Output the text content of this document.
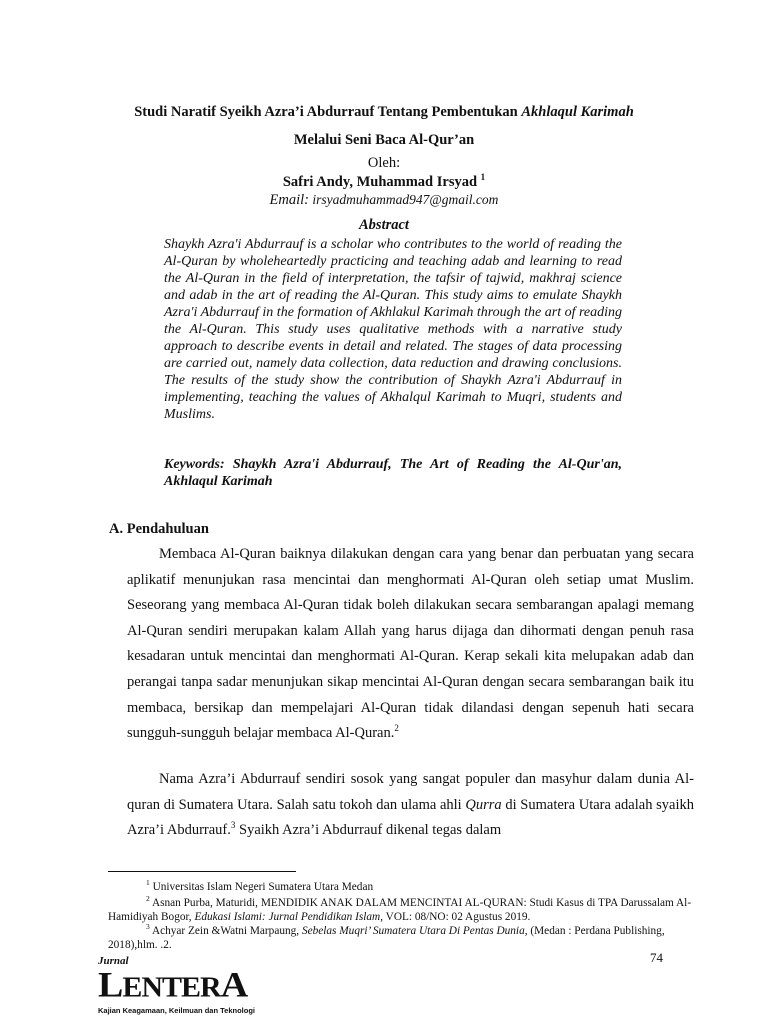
Studi Naratif Syeikh Azra’i Abdurrauf Tentang Pembentukan Akhlaqul Karimah
Melalui Seni Baca Al-Qur’an
Oleh:
Safri Andy, Muhammad Irsyad $^1$
Email: irsyadmuhammad947@gmail.com
Abstract

Shaykh Azra'i Abdurrauf is a scholar who contributes to the world of reading the Al-Quran by wholeheartedly practicing and teaching adab and learning to read the Al-Quran in the field of interpretation, the tafsir of tajwid, makhraj science and adab in the art of reading the Al-Quran. This study aims to emulate Shaykh Azra'i Abdurrauf in the formation of Akhlakul Karimah through the art of reading the Al-Quran. This study uses qualitative methods with a narrative study approach to describe events in detail and related. The stages of data processing are carried out, namely data collection, data reduction and drawing conclusions. The results of the study show the contribution of Shaykh Azra'i Abdurrauf in implementing, teaching the values of Akhalqul Karimah to Muqri, students and Muslims.

Keywords: Shaykh Azra'i Abdurrauf, The Art of Reading the Al-Qur'an, Akhlaqul Karimah

A. Pendahuluan

Membaca Al-Quran baiknya dilakukan dengan cara yang benar dan perbuatan yang secara aplikatif menunjukan rasa mencintai dan menghormati Al-Quran oleh setiap umat Muslim. Seseorang yang membaca Al-Quran tidak boleh dilakukan secara sembarangan apalagi memang Al-Quran sendiri merupakan kalam Allah yang harus dijaga dan dihormati dengan penuh rasa kesadaran untuk mencintai dan menghormati Al-Quran. Kerap sekali kita melupakan adab dan perangai tanpa sadar menunjukan sikap mencintai Al-Quran dengan secara sembarangan baik itu membaca, bersikap dan mempelajari Al-Quran tidak dilandasi dengan sepenuh hati secara sungguh-sungguh belajar membaca Al-Quran.$^2$

Nama Azra’i Abdurrauf sendiri sosok yang sangat populer dan masyhur dalam dunia Al-quran di Sumatera Utara. Salah satu tokoh dan ulama ahli Qurra di Sumatera Utara adalah syaikh Azra’i Abdurrauf.$^3$ Syaikh Azra’i Abdurrauf dikenal tegas dalam

$^1$ Universitas Islam Negeri Sumatera Utara Medan

$^2$ Asnan Purba, Maturidi, MENDIDIK ANAK DALAM MENCINTAI AL-QURAN: Studi Kasus di TPA Darussalam Al-Hamidiyah Bogor, Edukasi Islami: Jurnal Pendidikan Islam, VOL: 08/NO: 02 Agustus 2019.

$^3$ Achyar Zein &Watni Marpaung, Sebelas Muqri’ Sumatera Utara Di Pentas Dunia, (Medan : Perdana Publishing, 2018),hlm. .2.

74
Jurnal
LENTERA
Kajian Keagamaan, Keilmuan dan Teknologi
